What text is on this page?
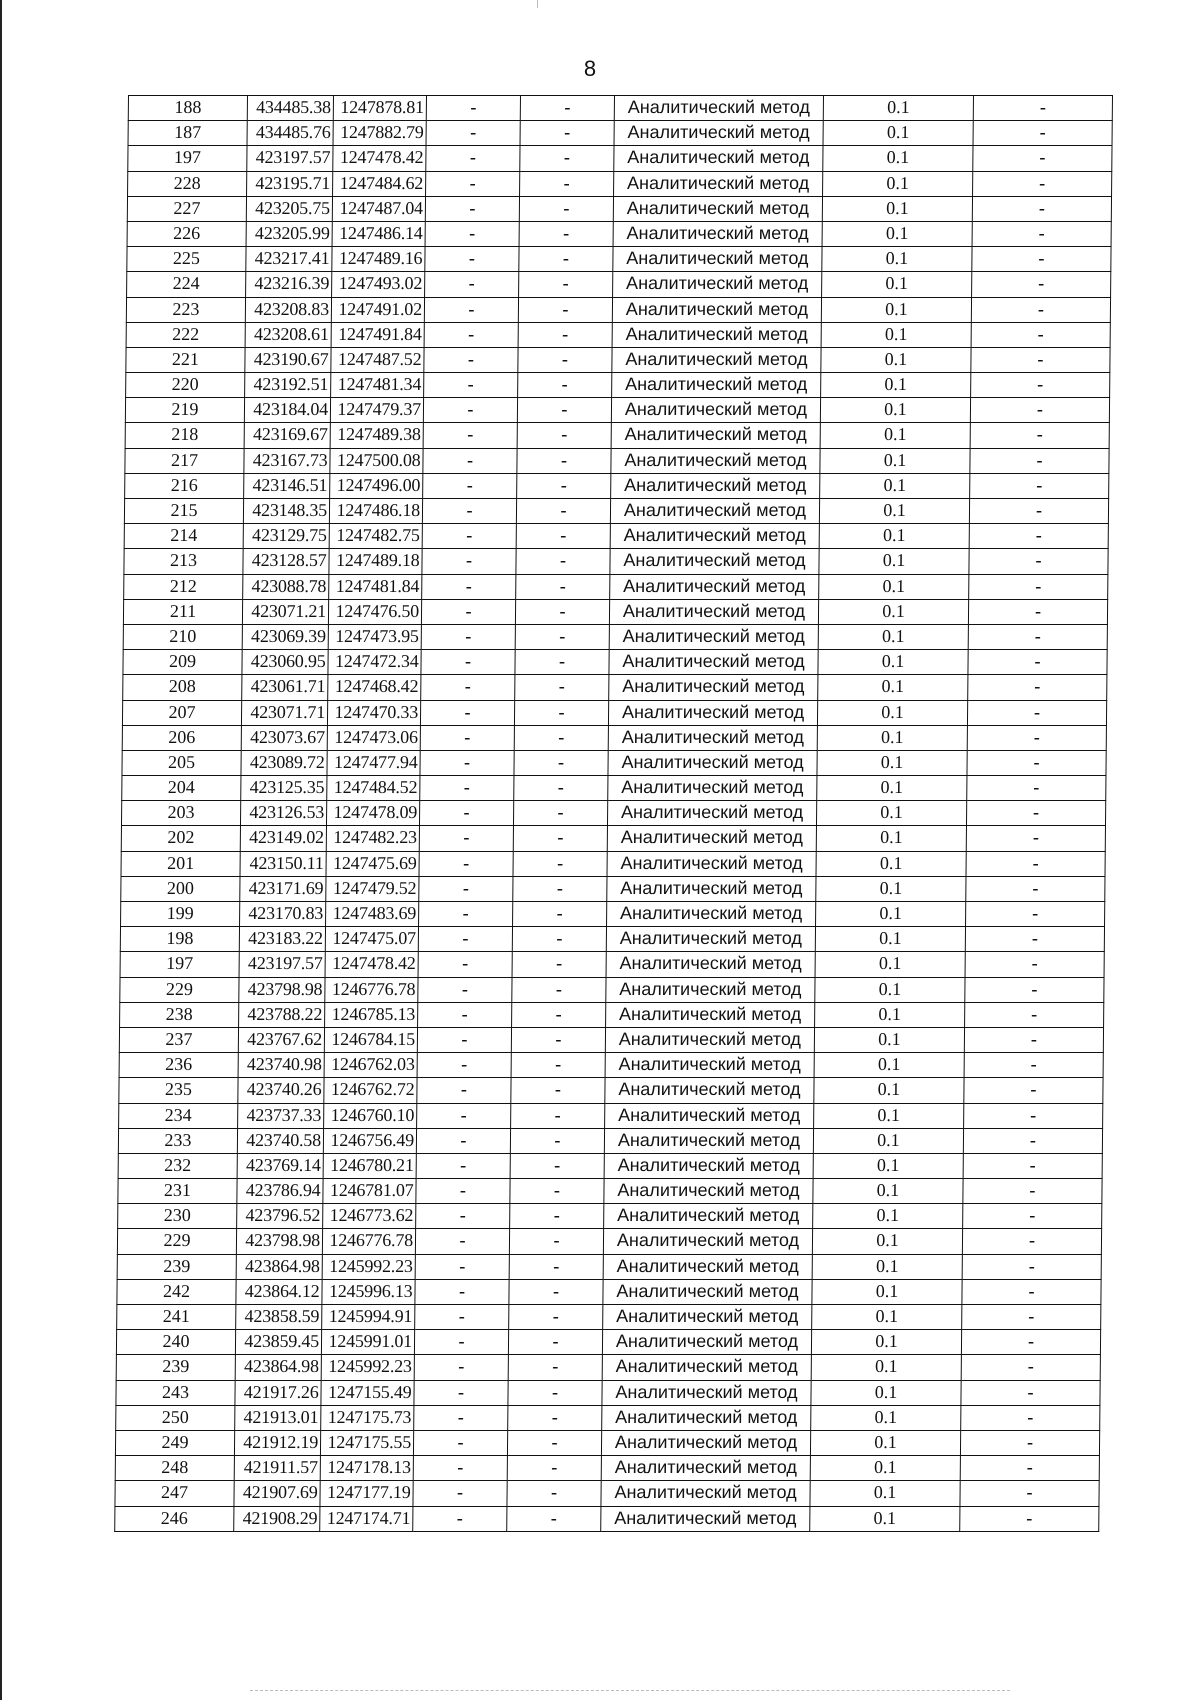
8
188	434485.38	1247878.81	-	-	Аналитический метод	0.1	-
187	434485.76	1247882.79	-	-	Аналитический метод	0.1	-
197	423197.57	1247478.42	-	-	Аналитический метод	0.1	-
228	423195.71	1247484.62	-	-	Аналитический метод	0.1	-
227	423205.75	1247487.04	-	-	Аналитический метод	0.1	-
226	423205.99	1247486.14	-	-	Аналитический метод	0.1	-
225	423217.41	1247489.16	-	-	Аналитический метод	0.1	-
224	423216.39	1247493.02	-	-	Аналитический метод	0.1	-
223	423208.83	1247491.02	-	-	Аналитический метод	0.1	-
222	423208.61	1247491.84	-	-	Аналитический метод	0.1	-
221	423190.67	1247487.52	-	-	Аналитический метод	0.1	-
220	423192.51	1247481.34	-	-	Аналитический метод	0.1	-
219	423184.04	1247479.37	-	-	Аналитический метод	0.1	-
218	423169.67	1247489.38	-	-	Аналитический метод	0.1	-
217	423167.73	1247500.08	-	-	Аналитический метод	0.1	-
216	423146.51	1247496.00	-	-	Аналитический метод	0.1	-
215	423148.35	1247486.18	-	-	Аналитический метод	0.1	-
214	423129.75	1247482.75	-	-	Аналитический метод	0.1	-
213	423128.57	1247489.18	-	-	Аналитический метод	0.1	-
212	423088.78	1247481.84	-	-	Аналитический метод	0.1	-
211	423071.21	1247476.50	-	-	Аналитический метод	0.1	-
210	423069.39	1247473.95	-	-	Аналитический метод	0.1	-
209	423060.95	1247472.34	-	-	Аналитический метод	0.1	-
208	423061.71	1247468.42	-	-	Аналитический метод	0.1	-
207	423071.71	1247470.33	-	-	Аналитический метод	0.1	-
206	423073.67	1247473.06	-	-	Аналитический метод	0.1	-
205	423089.72	1247477.94	-	-	Аналитический метод	0.1	-
204	423125.35	1247484.52	-	-	Аналитический метод	0.1	-
203	423126.53	1247478.09	-	-	Аналитический метод	0.1	-
202	423149.02	1247482.23	-	-	Аналитический метод	0.1	-
201	423150.11	1247475.69	-	-	Аналитический метод	0.1	-
200	423171.69	1247479.52	-	-	Аналитический метод	0.1	-
199	423170.83	1247483.69	-	-	Аналитический метод	0.1	-
198	423183.22	1247475.07	-	-	Аналитический метод	0.1	-
197	423197.57	1247478.42	-	-	Аналитический метод	0.1	-
229	423798.98	1246776.78	-	-	Аналитический метод	0.1	-
238	423788.22	1246785.13	-	-	Аналитический метод	0.1	-
237	423767.62	1246784.15	-	-	Аналитический метод	0.1	-
236	423740.98	1246762.03	-	-	Аналитический метод	0.1	-
235	423740.26	1246762.72	-	-	Аналитический метод	0.1	-
234	423737.33	1246760.10	-	-	Аналитический метод	0.1	-
233	423740.58	1246756.49	-	-	Аналитический метод	0.1	-
232	423769.14	1246780.21	-	-	Аналитический метод	0.1	-
231	423786.94	1246781.07	-	-	Аналитический метод	0.1	-
230	423796.52	1246773.62	-	-	Аналитический метод	0.1	-
229	423798.98	1246776.78	-	-	Аналитический метод	0.1	-
239	423864.98	1245992.23	-	-	Аналитический метод	0.1	-
242	423864.12	1245996.13	-	-	Аналитический метод	0.1	-
241	423858.59	1245994.91	-	-	Аналитический метод	0.1	-
240	423859.45	1245991.01	-	-	Аналитический метод	0.1	-
239	423864.98	1245992.23	-	-	Аналитический метод	0.1	-
243	421917.26	1247155.49	-	-	Аналитический метод	0.1	-
250	421913.01	1247175.73	-	-	Аналитический метод	0.1	-
249	421912.19	1247175.55	-	-	Аналитический метод	0.1	-
248	421911.57	1247178.13	-	-	Аналитический метод	0.1	-
247	421907.69	1247177.19	-	-	Аналитический метод	0.1	-
246	421908.29	1247174.71	-	-	Аналитический метод	0.1	-
